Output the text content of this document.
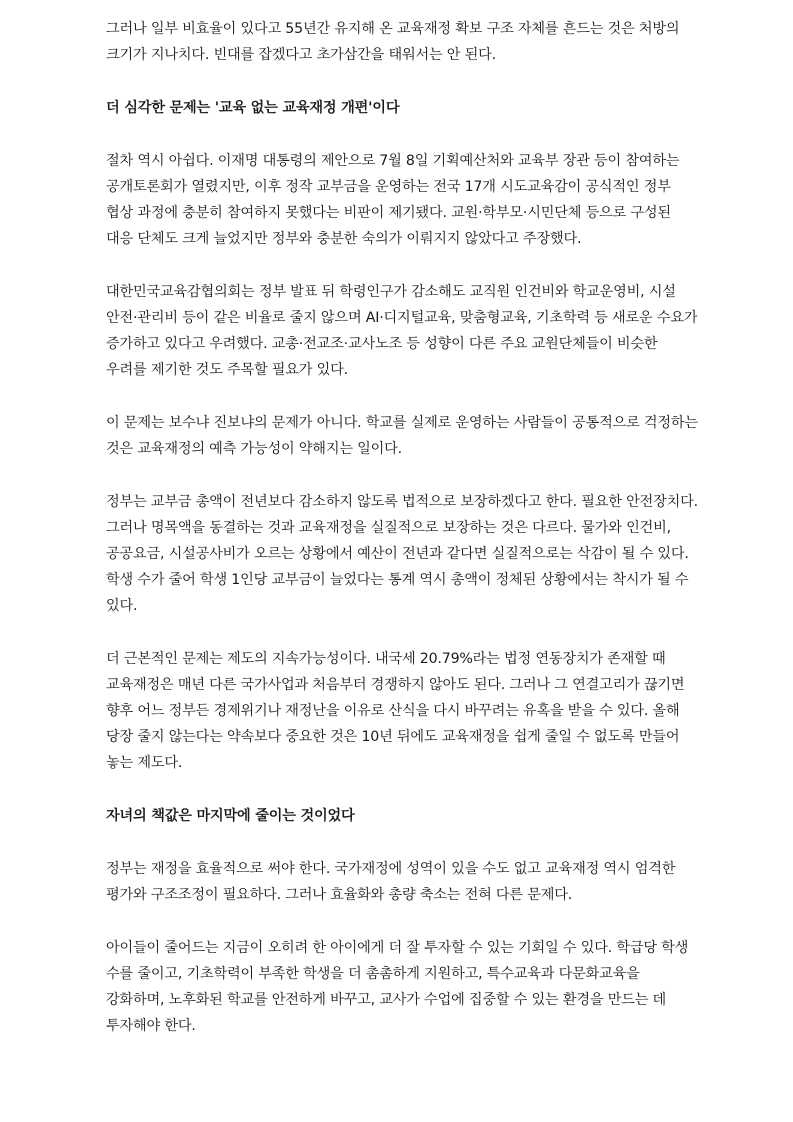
그러나 일부 비효율이 있다고 55년간 유지해 온 교육재정 확보 구조 자체를 흔드는 것은 처방의 크기가 지나치다. 빈대를 잡겠다고 초가삼간을 태워서는 안 된다.

더 심각한 문제는 '교육 없는 교육재정 개편'이다

절차 역시 아쉽다. 이재명 대통령의 제안으로 7월 8일 기획예산처와 교육부 장관 등이 참여하는 공개토론회가 열렸지만, 이후 정작 교부금을 운영하는 전국 17개 시도교육감이 공식적인 정부 협상 과정에 충분히 참여하지 못했다는 비판이 제기됐다. 교원·학부모·시민단체 등으로 구성된 대응 단체도 크게 늘었지만 정부와 충분한 숙의가 이뤄지지 않았다고 주장했다.

대한민국교육감협의회는 정부 발표 뒤 학령인구가 감소해도 교직원 인건비와 학교운영비, 시설 안전·관리비 등이 같은 비율로 줄지 않으며 AI·디지털교육, 맞춤형교육, 기초학력 등 새로운 수요가 증가하고 있다고 우려했다. 교총·전교조·교사노조 등 성향이 다른 주요 교원단체들이 비슷한 우려를 제기한 것도 주목할 필요가 있다.

이 문제는 보수냐 진보냐의 문제가 아니다. 학교를 실제로 운영하는 사람들이 공통적으로 걱정하는 것은 교육재정의 예측 가능성이 약해지는 일이다.

정부는 교부금 총액이 전년보다 감소하지 않도록 법적으로 보장하겠다고 한다. 필요한 안전장치다. 그러나 명목액을 동결하는 것과 교육재정을 실질적으로 보장하는 것은 다르다. 물가와 인건비, 공공요금, 시설공사비가 오르는 상황에서 예산이 전년과 같다면 실질적으로는 삭감이 될 수 있다. 학생 수가 줄어 학생 1인당 교부금이 늘었다는 통계 역시 총액이 정체된 상황에서는 착시가 될 수 있다.

더 근본적인 문제는 제도의 지속가능성이다. 내국세 20.79%라는 법정 연동장치가 존재할 때 교육재정은 매년 다른 국가사업과 처음부터 경쟁하지 않아도 된다. 그러나 그 연결고리가 끊기면 향후 어느 정부든 경제위기나 재정난을 이유로 산식을 다시 바꾸려는 유혹을 받을 수 있다. 올해 당장 줄지 않는다는 약속보다 중요한 것은 10년 뒤에도 교육재정을 쉽게 줄일 수 없도록 만들어 놓는 제도다.

자녀의 책값은 마지막에 줄이는 것이었다

정부는 재정을 효율적으로 써야 한다. 국가재정에 성역이 있을 수도 없고 교육재정 역시 엄격한 평가와 구조조정이 필요하다. 그러나 효율화와 총량 축소는 전혀 다른 문제다.

아이들이 줄어드는 지금이 오히려 한 아이에게 더 잘 투자할 수 있는 기회일 수 있다. 학급당 학생 수를 줄이고, 기초학력이 부족한 학생을 더 촘촘하게 지원하고, 특수교육과 다문화교육을 강화하며, 노후화된 학교를 안전하게 바꾸고, 교사가 수업에 집중할 수 있는 환경을 만드는 데 투자해야 한다.
